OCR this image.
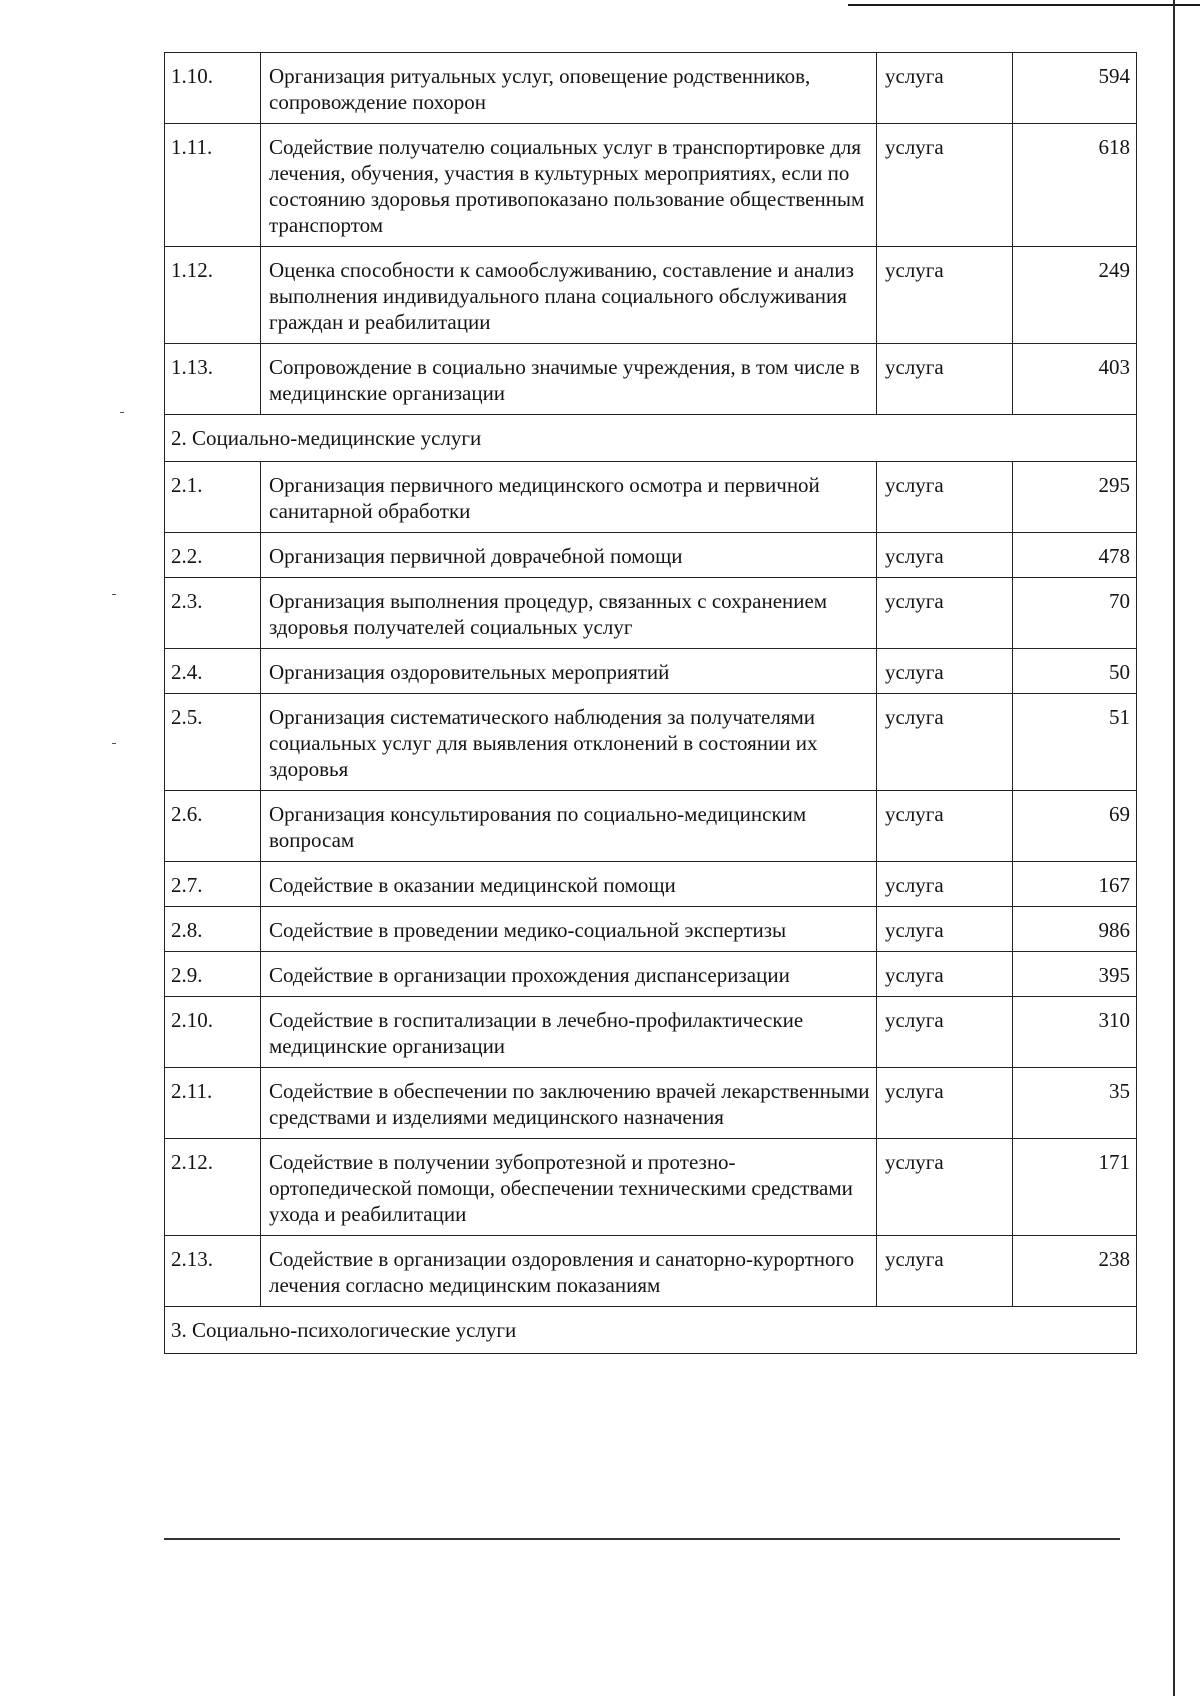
1.10.	Организация ритуальных услуг, оповещение родственников, сопровождение похорон	услуга	594
1.11.	Содействие получателю социальных услуг в транспортировке для лечения, обучения, участия в культурных мероприятиях, если по состоянию здоровья противопоказано пользование общественным транспортом	услуга	618
1.12.	Оценка способности к самообслуживанию, составление и анализ выполнения индивидуального плана социального обслуживания граждан и реабилитации	услуга	249
1.13.	Сопровождение в социально значимые учреждения, в том числе в медицинские организации	услуга	403
2. Социально-медицинские услуги			
2.1.	Организация первичного медицинского осмотра и первичной санитарной обработки	услуга	295
2.2.	Организация первичной доврачебной помощи	услуга	478
2.3.	Организация выполнения процедур, связанных с сохранением здоровья получателей социальных услуг	услуга	70
2.4.	Организация оздоровительных мероприятий	услуга	50
2.5.	Организация систематического наблюдения за получателями социальных услуг для выявления отклонений в состоянии их здоровья	услуга	51
2.6.	Организация консультирования по социально-медицинским вопросам	услуга	69
2.7.	Содействие в оказании медицинской помощи	услуга	167
2.8.	Содействие в проведении медико-социальной экспертизы	услуга	986
2.9.	Содействие в организации прохождения диспансеризации	услуга	395
2.10.	Содействие в госпитализации в лечебно-профилактические медицинские организации	услуга	310
2.11.	Содействие в обеспечении по заключению врачей лекарственными средствами и изделиями медицинского назначения	услуга	35
2.12.	Содействие в получении зубопротезной и протезно-ортопедической помощи, обеспечении техническими средствами ухода и реабилитации	услуга	171
2.13.	Содействие в организации оздоровления и санаторно-курортного лечения согласно медицинским показаниям	услуга	238
3. Социально-психологические услуги			
